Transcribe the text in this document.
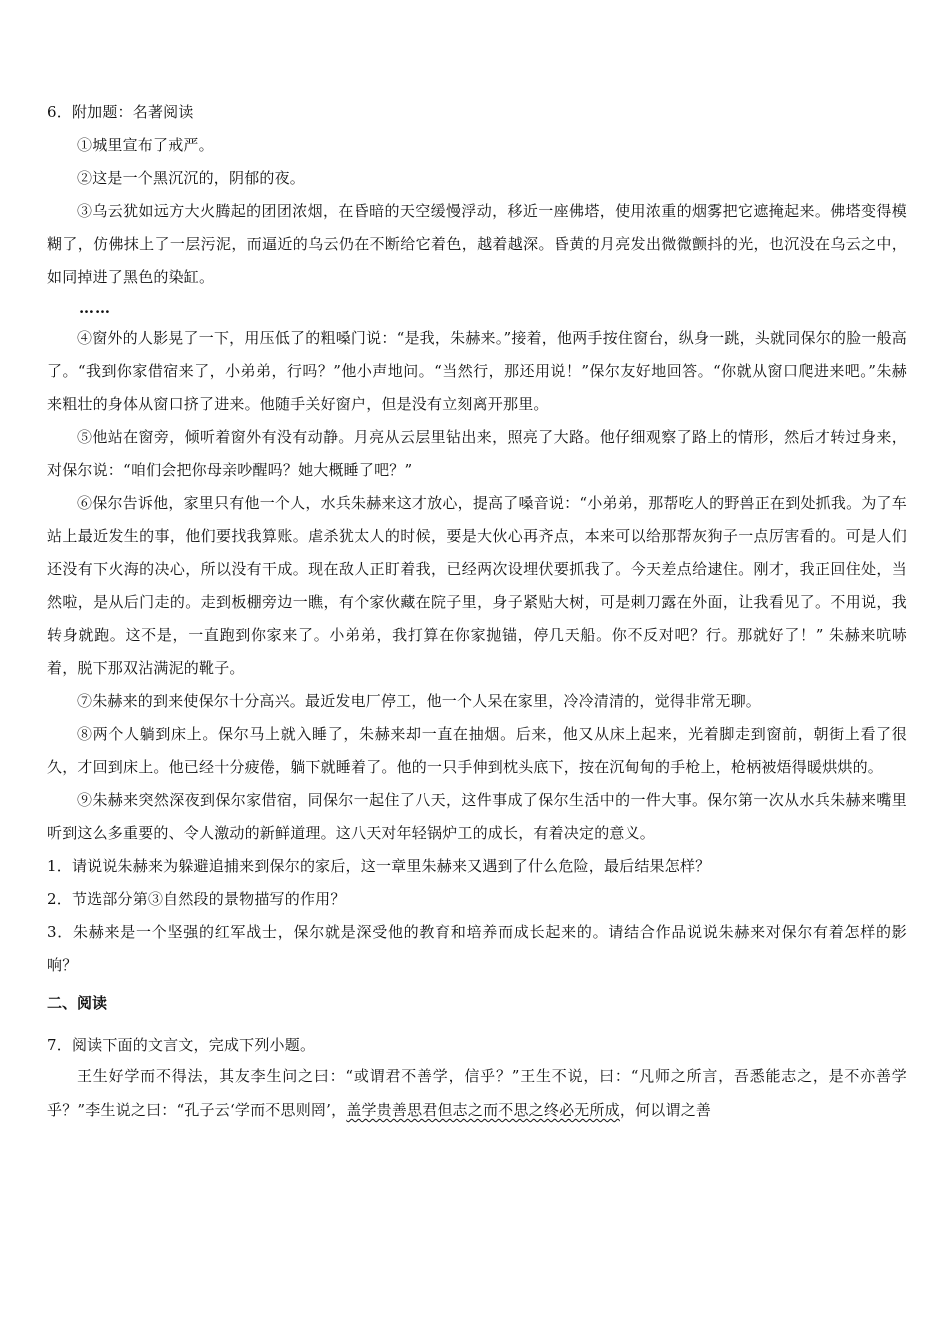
6．附加题：名著阅读

①城里宣布了戒严。

②这是一个黑沉沉的，阴郁的夜。

③乌云犹如远方大火腾起的团团浓烟，在昏暗的天空缓慢浮动，移近一座佛塔，使用浓重的烟雾把它遮掩起来。佛塔变得模糊了，仿佛抹上了一层污泥，而逼近的乌云仍在不断给它着色，越着越深。昏黄的月亮发出微微颤抖的光，也沉没在乌云之中，如同掉进了黑色的染缸。

……

④窗外的人影晃了一下，用压低了的粗嗓门说：“是我，朱赫来。”接着，他两手按住窗台，纵身一跳，头就同保尔的脸一般高了。“我到你家借宿来了，小弟弟，行吗？”他小声地问。“当然行，那还用说！”保尔友好地回答。“你就从窗口爬进来吧。”朱赫来粗壮的身体从窗口挤了进来。他随手关好窗户，但是没有立刻离开那里。

⑤他站在窗旁，倾听着窗外有没有动静。月亮从云层里钻出来，照亮了大路。他仔细观察了路上的情形，然后才转过身来，对保尔说：“咱们会把你母亲吵醒吗？她大概睡了吧？”

⑥保尔告诉他，家里只有他一个人，水兵朱赫来这才放心，提高了嗓音说：“小弟弟，那帮吃人的野兽正在到处抓我。为了车站上最近发生的事，他们要找我算账。虐杀犹太人的时候，要是大伙心再齐点，本来可以给那帮灰狗子一点厉害看的。可是人们还没有下火海的决心，所以没有干成。现在敌人正盯着我，已经两次设埋伏要抓我了。今天差点给逮住。刚才，我正回住处，当然啦，是从后门走的。走到板棚旁边一瞧，有个家伙藏在院子里，身子紧贴大树，可是刺刀露在外面，让我看见了。不用说，我转身就跑。这不是，一直跑到你家来了。小弟弟，我打算在你家抛锚，停几天船。你不反对吧？行。那就好了！” 朱赫来吭哧着，脱下那双沾满泥的靴子。

⑦朱赫来的到来使保尔十分高兴。最近发电厂停工，他一个人呆在家里，冷冷清清的，觉得非常无聊。

⑧两个人躺到床上。保尔马上就入睡了，朱赫来却一直在抽烟。后来，他又从床上起来，光着脚走到窗前，朝街上看了很久，才回到床上。他已经十分疲倦，躺下就睡着了。他的一只手伸到枕头底下，按在沉甸甸的手枪上，枪柄被焐得暖烘烘的。

⑨朱赫来突然深夜到保尔家借宿，同保尔一起住了八天，这件事成了保尔生活中的一件大事。保尔第一次从水兵朱赫来嘴里听到这么多重要的、令人激动的新鲜道理。这八天对年轻锅炉工的成长，有着决定的意义。

1．请说说朱赫来为躲避追捕来到保尔的家后，这一章里朱赫来又遇到了什么危险，最后结果怎样？

2．节选部分第③自然段的景物描写的作用？

3．朱赫来是一个坚强的红军战士，保尔就是深受他的教育和培养而成长起来的。请结合作品说说朱赫来对保尔有着怎样的影响？

二、阅读

7．阅读下面的文言文，完成下列小题。

王生好学而不得法，其友李生问之曰：“或谓君不善学，信乎？”王生不说，曰：“凡师之所言，吾悉能志之，是不亦善学乎？”李生说之曰：“孔子云‘学而不思则罔’，盖学贵善思君但志之而不思之终必无所成，何以谓之善
